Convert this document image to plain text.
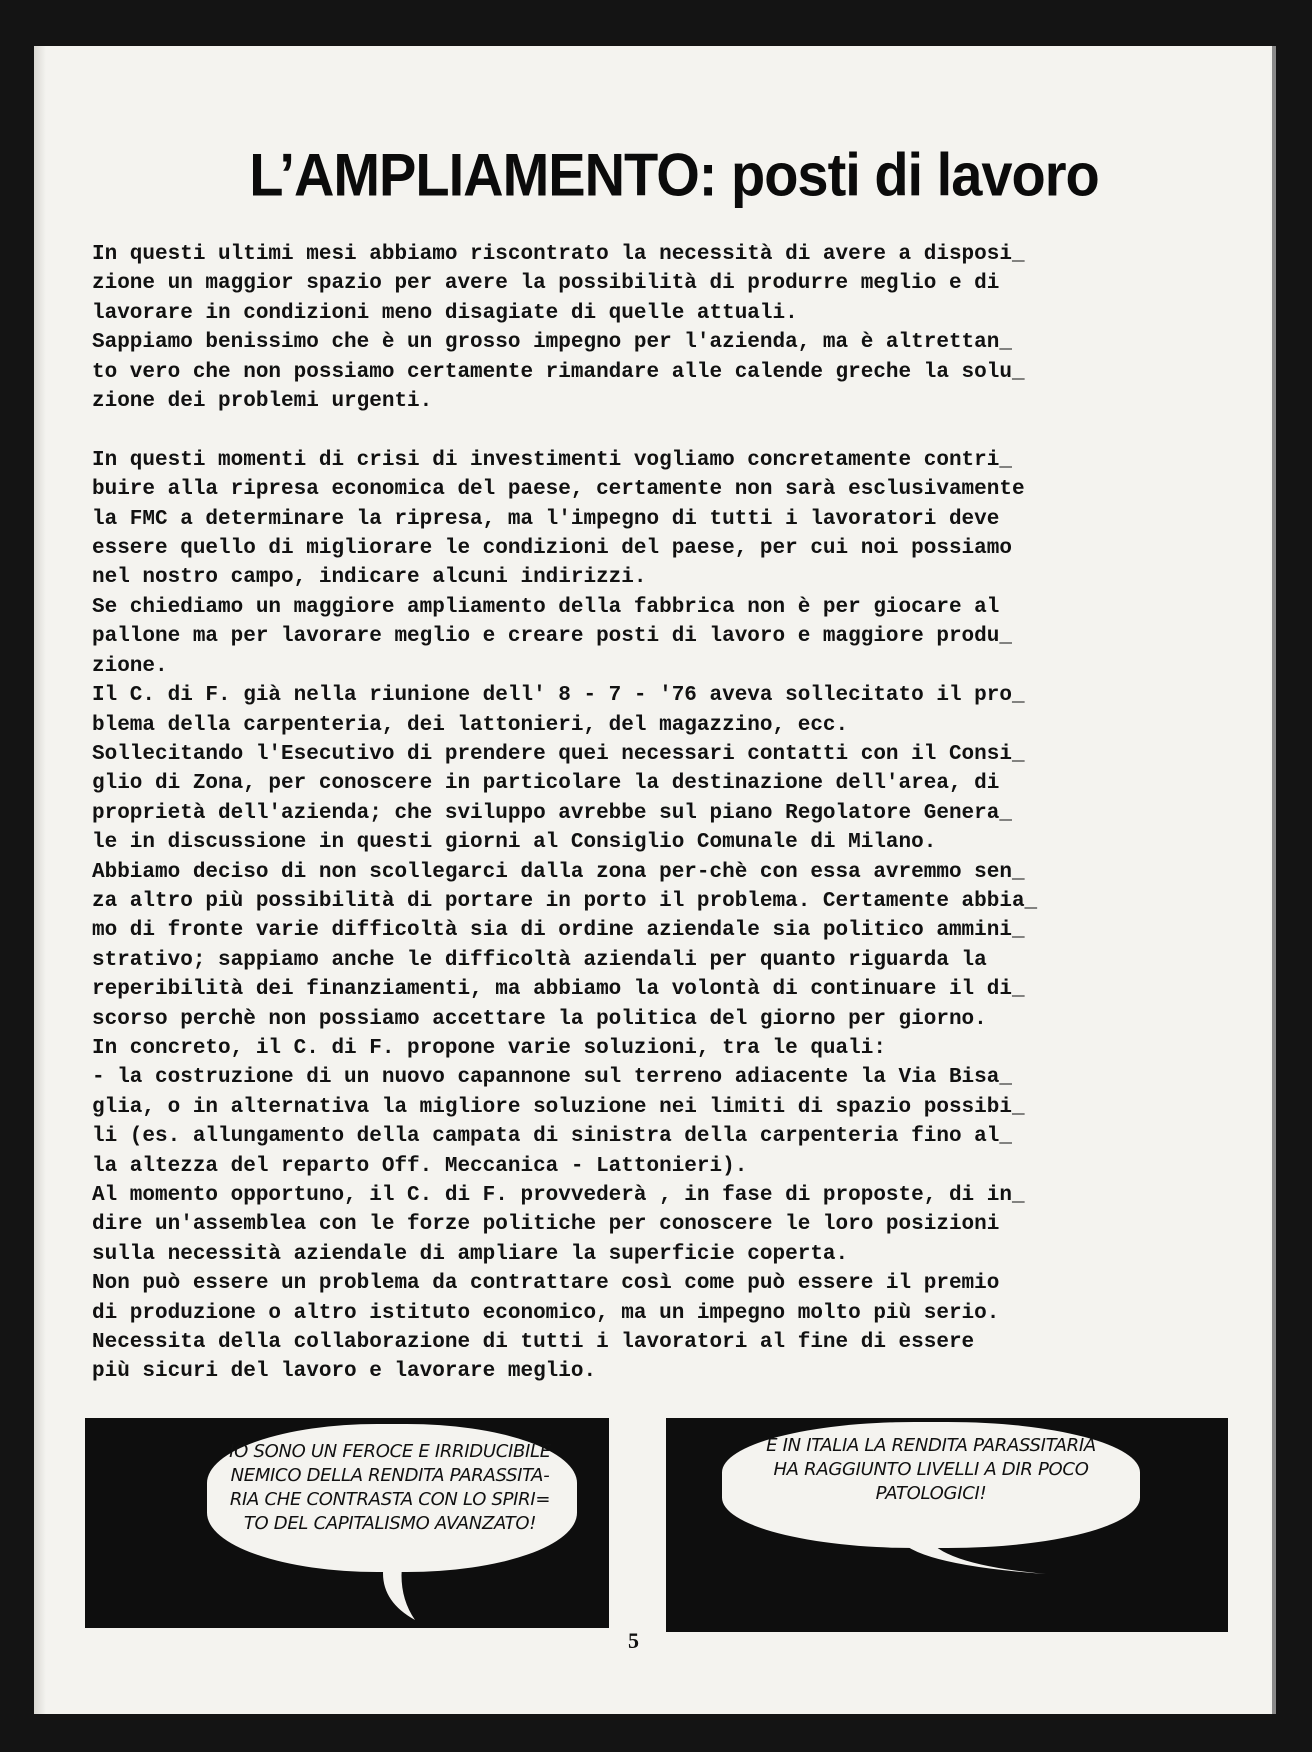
L’AMPLIAMENTO: posti di lavoro
In questi ultimi mesi abbiamo riscontrato la necessità di avere a disposi_
zione un maggior spazio per avere la possibilità di produrre meglio e di
lavorare in condizioni meno disagiate di quelle attuali.
Sappiamo benissimo che è un grosso impegno per l'azienda, ma è altrettan_
to vero che non possiamo certamente rimandare alle calende greche la solu_
zione dei problemi urgenti.

In questi momenti di crisi di investimenti vogliamo concretamente contri_
buire alla ripresa economica del paese, certamente non sarà esclusivamente
la FMC a determinare la ripresa, ma l'impegno di tutti i lavoratori deve
essere quello di migliorare le condizioni del paese, per cui noi possiamo
nel nostro campo, indicare alcuni indirizzi.
Se chiediamo un maggiore ampliamento della fabbrica non è per giocare al
pallone ma per lavorare meglio e creare posti di lavoro e maggiore produ_
zione.
Il C. di F. già nella riunione dell' 8 - 7 - '76 aveva sollecitato il pro_
blema della carpenteria, dei lattonieri, del magazzino, ecc.
Sollecitando l'Esecutivo di prendere quei necessari contatti con il Consi_
glio di Zona, per conoscere in particolare la destinazione dell'area, di
proprietà dell'azienda; che sviluppo avrebbe sul piano Regolatore Genera_
le in discussione in questi giorni al Consiglio Comunale di Milano.
Abbiamo deciso di non scollegarci dalla zona per-chè con essa avremmo sen_
za altro più possibilità di portare in porto il problema. Certamente abbia_
mo di fronte varie difficoltà sia di ordine aziendale sia politico ammini_
strativo; sappiamo anche le difficoltà aziendali per quanto riguarda la
reperibilità dei finanziamenti, ma abbiamo la volontà di continuare il di_
scorso perchè non possiamo accettare la politica del giorno per giorno.
In concreto, il C. di F. propone varie soluzioni, tra le quali:
- la costruzione di un nuovo capannone sul terreno adiacente la Via Bisa_
glia, o in alternativa la migliore soluzione nei limiti di spazio possibi_
li (es. allungamento della campata di sinistra della carpenteria fino al_
la altezza del reparto Off. Meccanica - Lattonieri).
Al momento opportuno, il C. di F. provvederà , in fase di proposte, di in_
dire un'assemblea con le forze politiche per conoscere le loro posizioni
sulla necessità aziendale di ampliare la superficie coperta.
Non può essere un problema da contrattare così come può essere il premio
di produzione o altro istituto economico, ma un impegno molto più serio.
Necessita della collaborazione di tutti i lavoratori al fine di essere
più sicuri del lavoro e lavorare meglio.

IO SONO UN FEROCE E IRRIDUCIBILE
NEMICO DELLA RENDITA PARASSITA-
RIA CHE CONTRASTA CON LO SPIRI=
TO DEL CAPITALISMO AVANZATO!

E IN ITALIA LA RENDITA PARASSITARIA
HA RAGGIUNTO LIVELLI A DIR POCO
PATOLOGICI!

5
